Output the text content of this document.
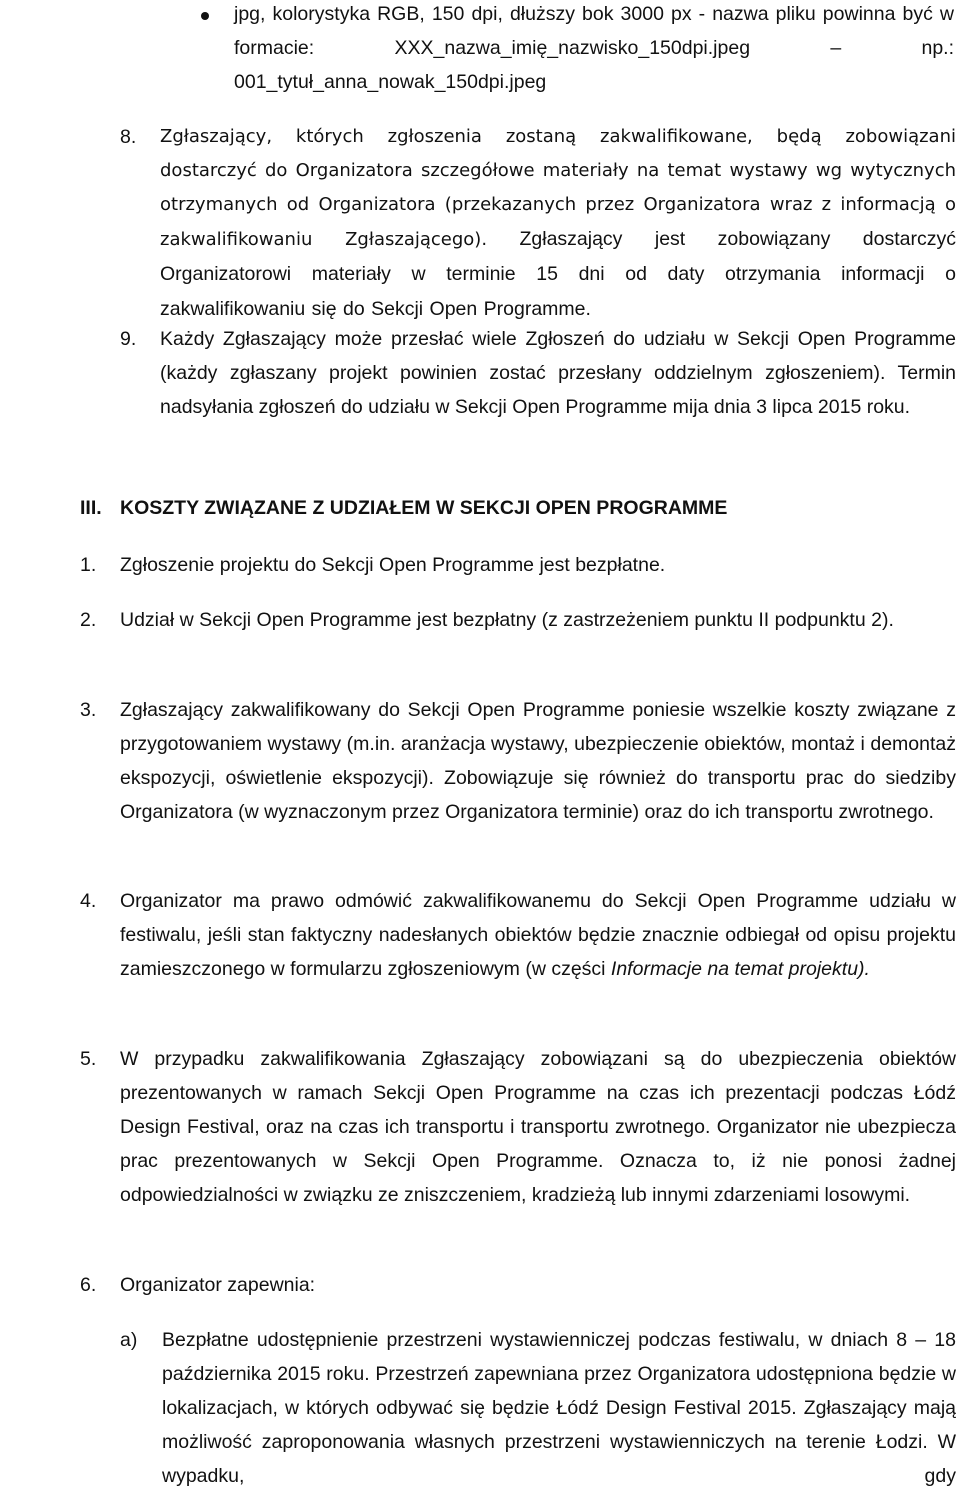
jpg, kolorystyka RGB, 150 dpi, dłuższy bok 3000 px - nazwa pliku powinna być w formacie: XXX_nazwa_imię_nazwisko_150dpi.jpeg – np.: 001_tytuł_anna_nowak_150dpi.jpeg

8. Zgłaszający, których zgłoszenia zostaną zakwalifikowane, będą zobowiązani dostarczyć do Organizatora szczegółowe materiały na temat wystawy wg wytycznych otrzymanych od Organizatora (przekazanych przez Organizatora wraz z informacją o zakwalifikowaniu Zgłaszającego). Zgłaszający jest zobowiązany dostarczyć Organizatorowi materiały w terminie 15 dni od daty otrzymania informacji o zakwalifikowaniu się do Sekcji Open Programme.

9. Każdy Zgłaszający może przesłać wiele Zgłoszeń do udziału w Sekcji Open Programme (każdy zgłaszany projekt powinien zostać przesłany oddzielnym zgłoszeniem). Termin nadsyłania zgłoszeń do udziału w Sekcji Open Programme mija dnia 3 lipca 2015 roku.

III. KOSZTY ZWIĄZANE Z UDZIAŁEM W SEKCJI OPEN PROGRAMME

1. Zgłoszenie projektu do Sekcji Open Programme jest bezpłatne.

2. Udział w Sekcji Open Programme jest bezpłatny (z zastrzeżeniem punktu II podpunktu 2).

3. Zgłaszający zakwalifikowany do Sekcji Open Programme poniesie wszelkie koszty związane z przygotowaniem wystawy (m.in. aranżacja wystawy, ubezpieczenie obiektów, montaż i demontaż ekspozycji, oświetlenie ekspozycji). Zobowiązuje się również do transportu prac do siedziby Organizatora (w wyznaczonym przez Organizatora terminie) oraz do ich transportu zwrotnego.

4. Organizator ma prawo odmówić zakwalifikowanemu do Sekcji Open Programme udziału w festiwalu, jeśli stan faktyczny nadesłanych obiektów będzie znacznie odbiegał od opisu projektu zamieszczonego w formularzu zgłoszeniowym (w części Informacje na temat projektu).

5. W przypadku zakwalifikowania Zgłaszający zobowiązani są do ubezpieczenia obiektów prezentowanych w ramach Sekcji Open Programme na czas ich prezentacji podczas Łódź Design Festival, oraz na czas ich transportu i transportu zwrotnego. Organizator nie ubezpiecza prac prezentowanych w Sekcji Open Programme. Oznacza to, iż nie ponosi żadnej odpowiedzialności w związku ze zniszczeniem, kradzieżą lub innymi zdarzeniami losowymi.

6. Organizator zapewnia:

a) Bezpłatne udostępnienie przestrzeni wystawienniczej podczas festiwalu, w dniach 8 – 18 października 2015 roku. Przestrzeń zapewniana przez Organizatora udostępniona będzie w lokalizacjach, w których odbywać się będzie Łódź Design Festival 2015. Zgłaszający mają możliwość zaproponowania własnych przestrzeni wystawienniczych na terenie Łodzi. W wypadku, gdy
